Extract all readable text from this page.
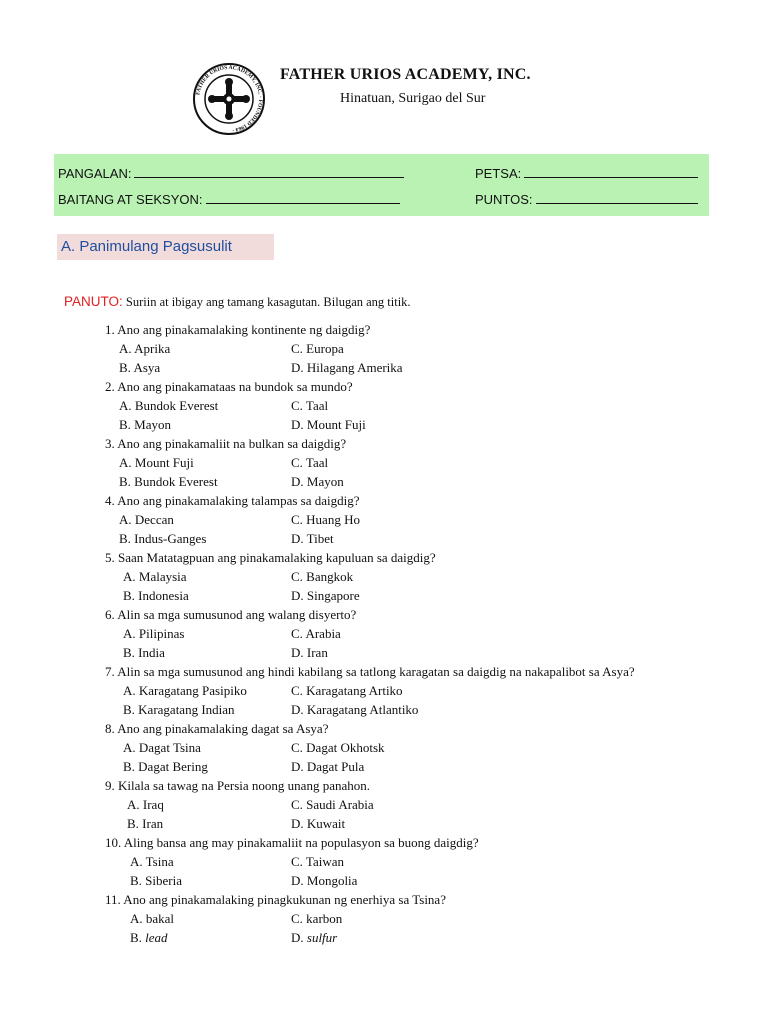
FATHER URIOS ACADEMY, INC. · FOUNDED 1964 ·
FATHER URIOS ACADEMY, INC.
Hinatuan, Surigao del Sur
PANGALAN:	PETSA:
BAITANG AT SEKSYON:	PUNTOS:
A. Panimulang Pagsusulit
PANUTO: Suriin at ibigay ang tamang kasagutan. Bilugan ang titik.
1. Ano ang pinakamalaking kontinente ng daigdig?
A. Aprika	C. Europa
B. Asya	D. Hilagang Amerika
2. Ano ang pinakamataas na bundok sa mundo?
A. Bundok Everest	C. Taal
B. Mayon	D. Mount Fuji
3. Ano ang pinakamaliit na bulkan sa daigdig?
A. Mount Fuji	C. Taal
B. Bundok Everest	D. Mayon
4. Ano ang pinakamalaking talampas sa daigdig?
A. Deccan	C. Huang Ho
B. Indus-Ganges	D. Tibet
5. Saan Matatagpuan ang pinakamalaking kapuluan sa daigdig?
A. Malaysia	C. Bangkok
B. Indonesia	D. Singapore
6. Alin sa mga sumusunod ang walang disyerto?
A. Pilipinas	C. Arabia
B. India	D. Iran
7. Alin sa mga sumusunod ang hindi kabilang sa tatlong karagatan sa daigdig na nakapalibot sa Asya?
A. Karagatang Pasipiko	C. Karagatang Artiko
B. Karagatang Indian	D. Karagatang Atlantiko
8. Ano ang pinakamalaking dagat sa Asya?
A. Dagat Tsina	C. Dagat Okhotsk
B. Dagat Bering	D. Dagat Pula
9. Kilala sa tawag na Persia noong unang panahon.
A. Iraq	C. Saudi Arabia
B. Iran	D. Kuwait
10. Aling bansa ang may pinakamaliit na populasyon sa buong daigdig?
A. Tsina	C. Taiwan
B. Siberia	D. Mongolia
11. Ano ang pinakamalaking pinagkukunan ng enerhiya sa Tsina?
A. bakal	C. karbon
B. lead	D. sulfur
